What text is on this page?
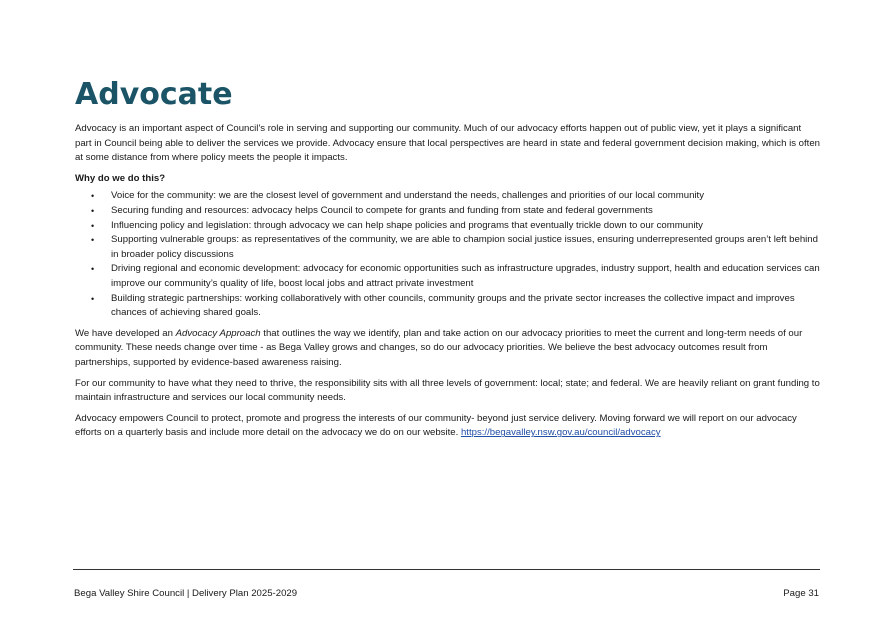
Advocate

Advocacy is an important aspect of Council's role in serving and supporting our community. Much of our advocacy efforts happen out of public view, yet it plays a significant part in Council being able to deliver the services we provide. Advocacy ensure that local perspectives are heard in state and federal government decision making, which is often at some distance from where policy meets the people it impacts.

Why do we do this?

• Voice for the community: we are the closest level of government and understand the needs, challenges and priorities of our local community
• Securing funding and resources: advocacy helps Council to compete for grants and funding from state and federal governments
• Influencing policy and legislation: through advocacy we can help shape policies and programs that eventually trickle down to our community
• Supporting vulnerable groups: as representatives of the community, we are able to champion social justice issues, ensuring underrepresented groups aren’t left behind in broader policy discussions
• Driving regional and economic development: advocacy for economic opportunities such as infrastructure upgrades, industry support, health and education services can improve our community’s quality of life, boost local jobs and attract private investment
• Building strategic partnerships: working collaboratively with other councils, community groups and the private sector increases the collective impact and improves chances of achieving shared goals.

We have developed an Advocacy Approach that outlines the way we identify, plan and take action on our advocacy priorities to meet the current and long-term needs of our community. These needs change over time - as Bega Valley grows and changes, so do our advocacy priorities. We believe the best advocacy outcomes result from partnerships, supported by evidence-based awareness raising.

For our community to have what they need to thrive, the responsibility sits with all three levels of government: local; state; and federal. We are heavily reliant on grant funding to maintain infrastructure and services our local community needs.

Advocacy empowers Council to protect, promote and progress the interests of our community- beyond just service delivery. Moving forward we will report on our advocacy efforts on a quarterly basis and include more detail on the advocacy we do on our website. https://begavalley.nsw.gov.au/council/advocacy

Bega Valley Shire Council | Delivery Plan 2025-2029	Page 31
